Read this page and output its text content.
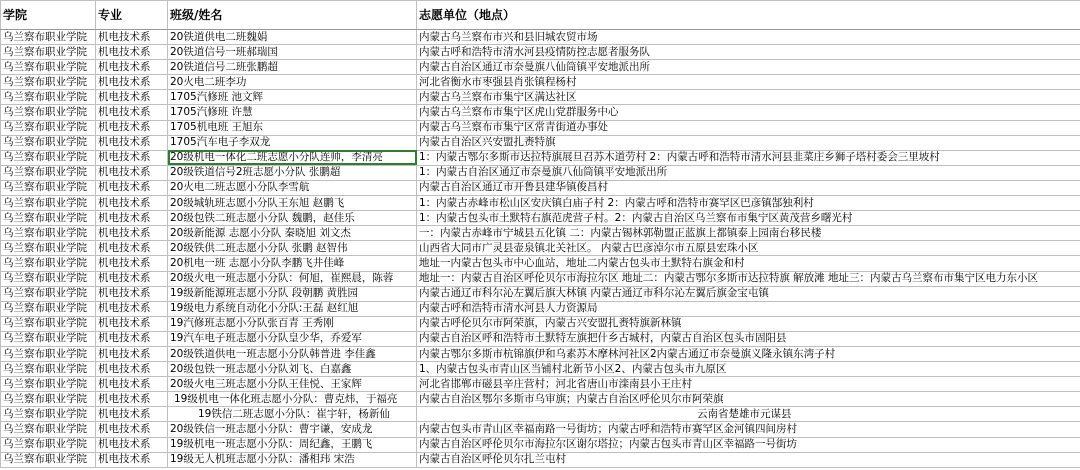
学院	专业	班级/姓名	志愿单位（地点）
乌兰察布职业学院	机电技术系	20铁道供电二班魏娟	内蒙古乌兰察布市兴和县旧城农贸市场
乌兰察布职业学院	机电技术系	20铁道信号一班郝瑞国	内蒙古呼和浩特市清水河县疫情防控志愿者服务队
乌兰察布职业学院	机电技术系	20铁道信号二班张鹏超	内蒙古自治区通辽市奈曼旗八仙筒镇平安地派出所
乌兰察布职业学院	机电技术系	20火电二班李功	河北省衡水市枣强县肖张镇程杨村
乌兰察布职业学院	机电技术系	1705汽修班 池文辉	内蒙古乌兰察布市集宁区满达社区
乌兰察布职业学院	机电技术系	1705汽修班 许慧	内蒙古乌兰察布市集宁区虎山党群服务中心
乌兰察布职业学院	机电技术系	1705机电班 王旭东	内蒙古乌兰察布市集宁区常青街道办事处
乌兰察布职业学院	机电技术系	1705汽车电子李双龙	内蒙古自治区兴安盟扎赉特旗
乌兰察布职业学院	机电技术系	20级机电一体化二班志愿小分队连帅，李清亮	1：内蒙古鄂尔多斯市达拉特旗展旦召苏木道劳村 2：内蒙古呼和浩特市清水河县韭菜庄乡狮子塔村委会三里坡村
乌兰察布职业学院	机电技术系	20级铁道信号2班志愿小分队 张鹏超	1：内蒙古自治区通辽市奈曼旗八仙筒镇平安地派出所
乌兰察布职业学院	机电技术系	20火电二班志愿小分队李雪航	内蒙古自治区通辽市开鲁县建华镇俊昌村
乌兰察布职业学院	机电技术系	20级城轨班志愿小分队王东旭 赵鹏飞	1：内蒙古赤峰市松山区安庆镇白庙子村 2：内蒙古呼和浩特市赛罕区巴彦镇郜独利村
乌兰察布职业学院	机电技术系	20级包铁二班志愿小分队 魏鹏，赵佳乐	1：内蒙古包头市土默特右旗范虎营子村。2：内蒙古自治区乌兰察布市集宁区黄茂营乡曙光村
乌兰察布职业学院	机电技术系	20级新能源 志愿小分队 秦晓旭 刘文杰	一：内蒙古赤峰市宁城县五化镇 二：内蒙古锡林郭勒盟正蓝旗上都镇泰上园南台移民楼
乌兰察布职业学院	机电技术系	20级铁供二班志愿小分队 张鹏 赵智伟	山西省大同市广灵县壶泉镇北关社区。 内蒙古巴彦淖尔市五原县宏珠小区
乌兰察布职业学院	机电技术系	20机电一班 志愿小分队李鹏飞井佳峰	地址一内蒙古包头市中心血站，地址二内蒙古包头市土默特右旗金和村
乌兰察布职业学院	机电技术系	20级火电一班志愿小分队：何旭，崔熙晨，陈蓉	地址一：内蒙古自治区呼伦贝尔市海拉尔区 地址二：内蒙古鄂尔多斯市达拉特旗 解放滩 地址三：内蒙古乌兰察布市集宁区电力东小区
乌兰察布职业学院	机电技术系	19级新能源班志愿小分队 段朝鹏 黄胜园	内蒙古通辽市科尔沁左翼后旗大林镇 内蒙古通辽市科尔沁左翼后旗金宝屯镇
乌兰察布职业学院	机电技术系	19级电力系统自动化小分队:王磊 赵红旭	内蒙古呼和浩特市清水河县人力资源局
乌兰察布职业学院	机电技术系	19汽修班志愿小分队张百青 王秀刚	内蒙古呼伦贝尔市阿荣旗，内蒙古兴安盟扎赉特旗新林镇
乌兰察布职业学院	机电技术系	19汽车电子班志愿小分队皇少华，乔爱军	内蒙古自治区呼和浩特市土默特左旗把什乡古城村，内蒙古自治区包头市固阳县
乌兰察布职业学院	机电技术系	20级铁道供电一班志愿小分队韩普进 李佳鑫	内蒙古鄂尔多斯市杭锦旗伊和乌素苏木摩林河社区2内蒙古通辽市奈曼旗义隆永镇东湾子村
乌兰察布职业学院	机电技术系	20级包铁一班志愿小分队刘飞、白嘉鑫	1、内蒙古包头市青山区当铺村北新节小区2、内蒙古包头市九原区
乌兰察布职业学院	机电技术系	20级火电三班志愿小分队王佳悦、王家辉	河北省邯郸市磁县辛庄营村；河北省唐山市滦南县小王庄村
乌兰察布职业学院	机电技术系	19级机电一体化班志愿小分队：曹克炜，于福亮	内蒙古自治区鄂尔多斯市乌审旗；内蒙古自治区呼伦贝尔市阿荣旗
乌兰察布职业学院	机电技术系	19铁信二班志愿小分队：崔宇轩，杨新仙	云南省楚雄市元谋县
乌兰察布职业学院	机电技术系	20级铁信一班志愿小分队：曹宇谦，安成龙	内蒙古包头市青山区幸福南路一号街坊；内蒙古呼和浩特市赛罕区金河镇四间房村
乌兰察布职业学院	机电技术系	19级机电一班志愿小分队：周纪鑫，王鹏飞	内蒙古自治区呼伦贝尔市海拉尔区谢尔塔拉；内蒙古包头市青山区幸福路一号街坊
乌兰察布职业学院	机电技术系	19级无人机班志愿小分队：潘相玮 宋浩	内蒙古自治区呼伦贝尔扎兰屯村
